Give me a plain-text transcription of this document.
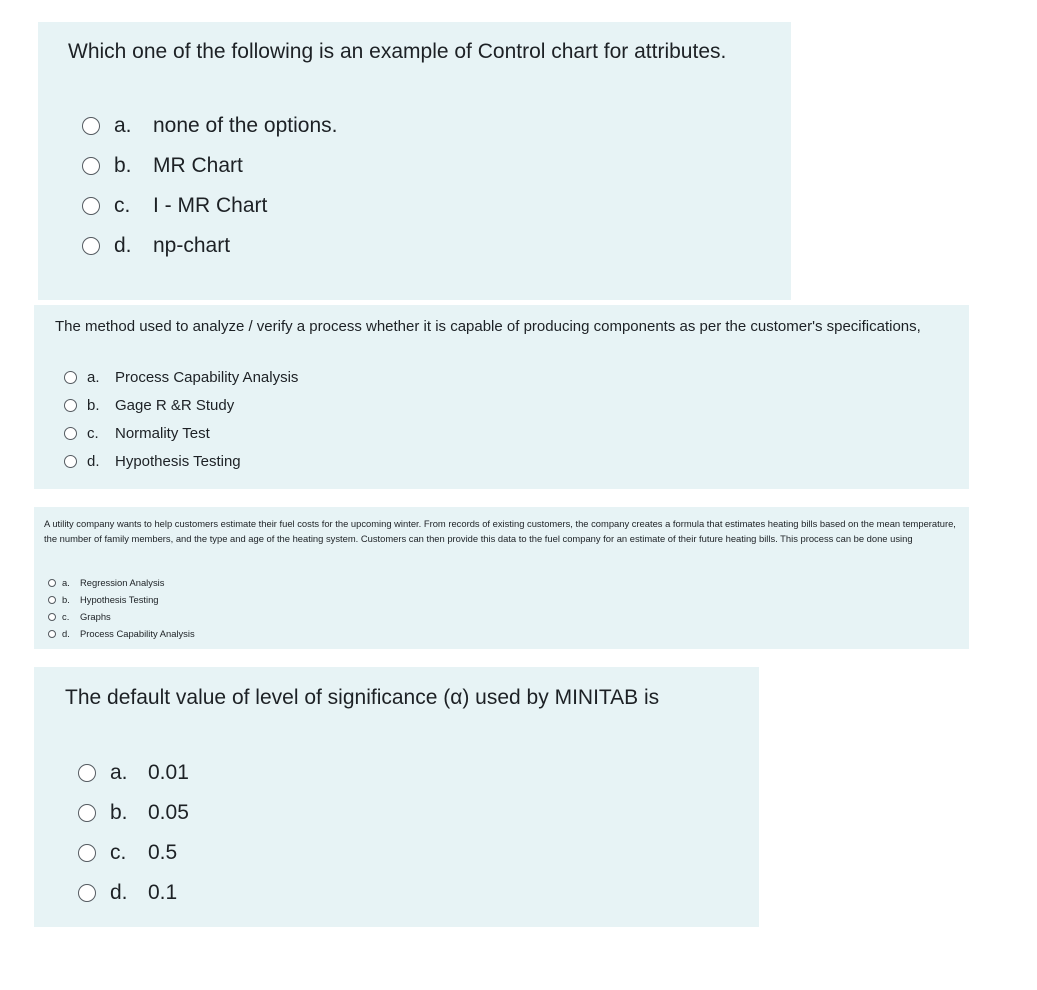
Which one of the following is an example of Control chart for attributes.
a.	none of the options.
b.	MR Chart
c.	I - MR Chart
d.	np-chart
The method used to analyze / verify a process whether it is capable of producing components as per the customer's specifications,
a.	Process Capability Analysis
b.	Gage R &R Study
c.	Normality Test
d.	Hypothesis Testing

A utility company wants to help customers estimate their fuel costs for the upcoming winter. From records of existing customers, the company creates a formula that estimates heating bills based on the mean temperature, the number of family members, and the type and age of the heating system. Customers can then provide this data to the fuel company for an estimate of their future heating bills. This process can be done using

a.	Regression Analysis
b.	Hypothesis Testing
c.	Graphs
d.	Process Capability Analysis
The default value of level of significance (α) used by MINITAB is
a. 0.01
b. 0.05
c.	0.5
d. 0.1
